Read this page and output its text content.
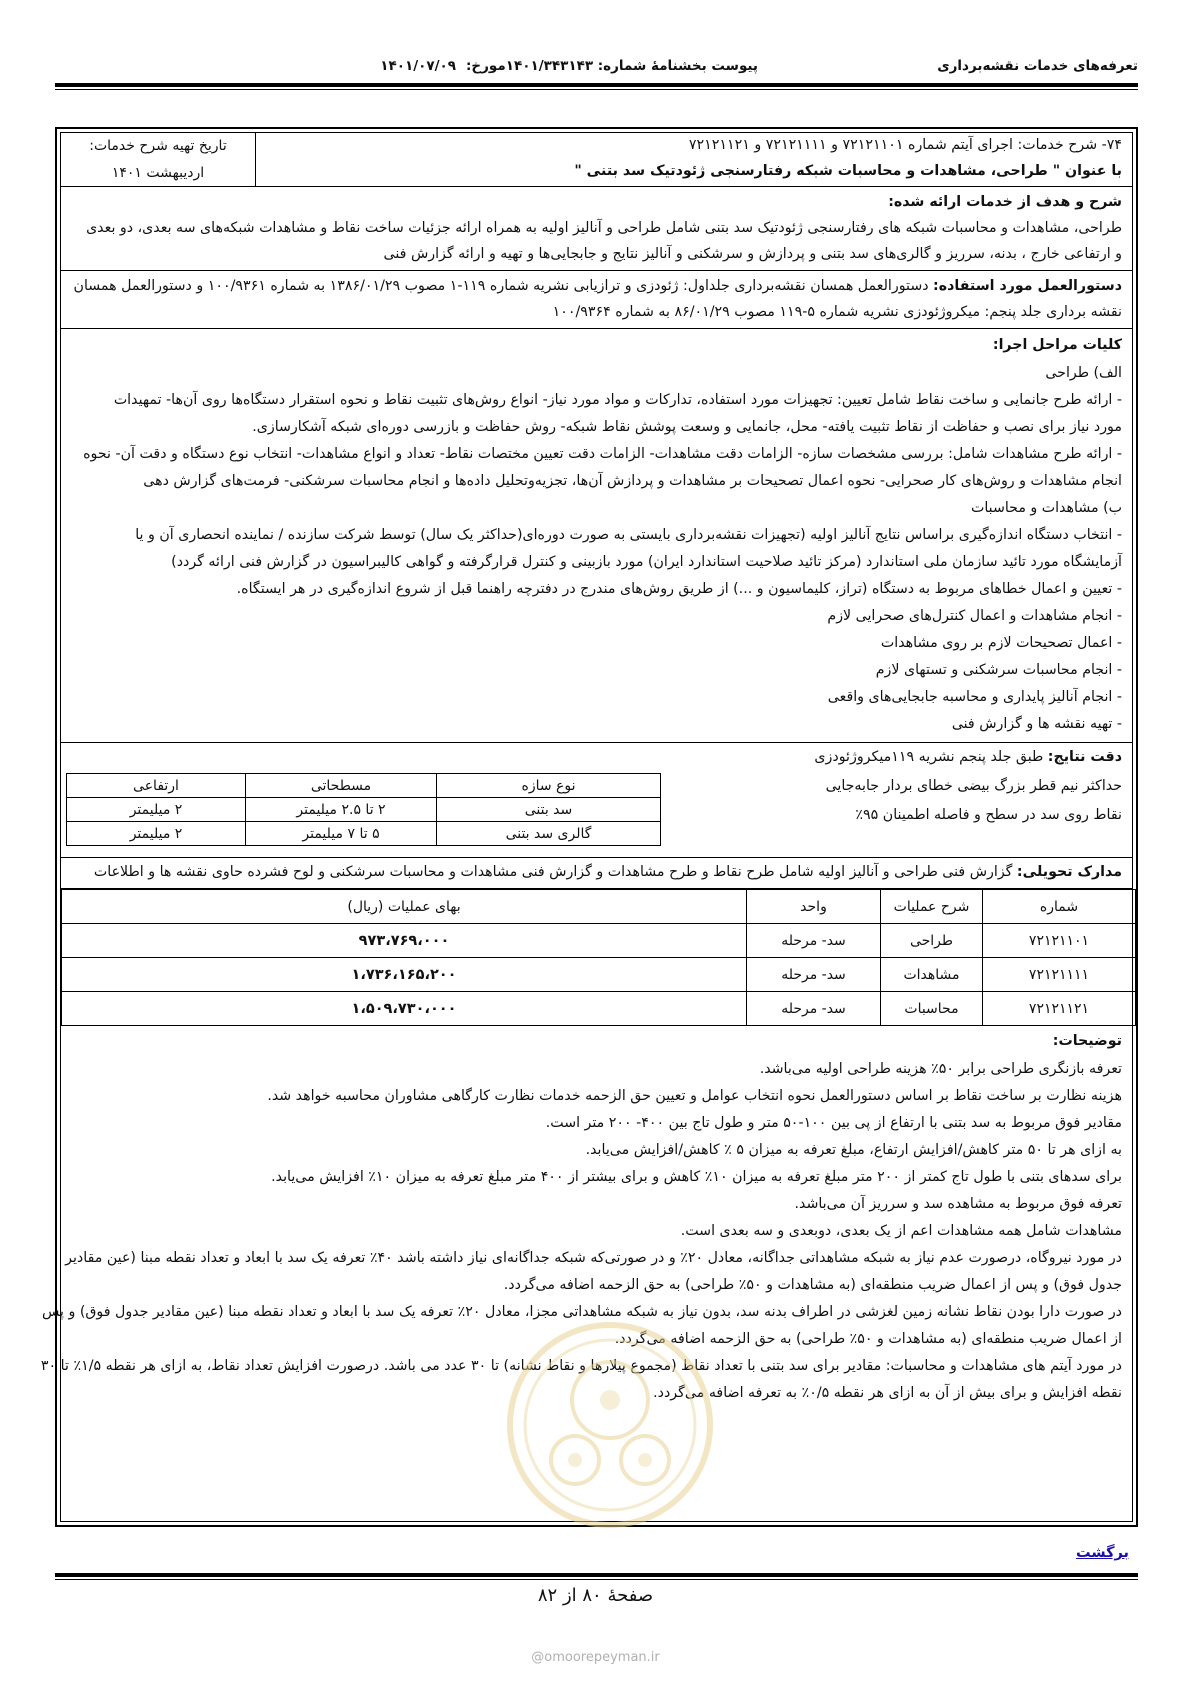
تعرفه‌های خدمات نقشه‌برداری
پیوست بخشنامهٔ شماره: ۱۴۰۱/۳۴۳۱۴۳مورخ:۱۴۰۱/۰۷/۰۹
۷۴- شرح خدمات: اجرای آیتم شماره ۷۲۱۲۱۱۰۱ و ۷۲۱۲۱۱۱۱ و ۷۲۱۲۱۱۲۱
با عنوان " طراحی، مشاهدات و محاسبات شبکه رفتارسنجی ژئودتیک سد بتنی "
تاریخ تهیه شرح خدمات:
اردیبهشت ۱۴۰۱
شرح و هدف از خدمات ارائه شده:
طراحی، مشاهدات و محاسبات شبکه های رفتارسنجی ژئودتیک سد بتنی شامل طراحی و آنالیز اولیه به همراه ارائه جزئیات ساخت نقاط و مشاهدات شبکه‌های سه بعدی، دو بعدی
و ارتفاعی خارج ، بدنه، سرریز و گالری‌های سد بتنی و پردازش و سرشکنی و آنالیز نتایج و جابجایی‌ها و تهیه و ارائه گزارش فنی
دستورالعمل مورد استفاده: دستورالعمل همسان نقشه‌برداری جلداول: ژئودزی و ترازیابی نشریه شماره ۱۱۹-۱ مصوب ۱۳۸۶/۰۱/۲۹ به شماره ۱۰۰/۹۳۶۱ و دستورالعمل همسان
نقشه برداری جلد پنجم: میکروژئودزی نشریه شماره ۵-۱۱۹ مصوب ۸۶/۰۱/۲۹ به شماره ۱۰۰/۹۳۶۴
کلیات مراحل اجرا:
الف) طراحی
- ارائه طرح جانمایی و ساخت نقاط شامل تعیین: تجهیزات مورد استفاده، تدارکات و مواد مورد نیاز- انواع روش‌های تثبیت نقاط و نحوه استقرار دستگاه‌ها روی آن‌ها- تمهیدات
مورد نیاز برای نصب و حفاظت از نقاط تثبیت یافته- محل، جانمایی و وسعت پوشش نقاط شبکه- روش حفاظت و بازرسی دوره‌ای شبکه آشکارسازی.
- ارائه طرح مشاهدات شامل: بررسی مشخصات سازه- الزامات دقت مشاهدات- الزامات دقت تعیین مختصات نقاط- تعداد و انواع مشاهدات- انتخاب نوع دستگاه و دقت آن- نحوه
انجام مشاهدات و روش‌های کار صحرایی- نحوه اعمال تصحیحات بر مشاهدات و پردازش آن‌ها، تجزیه‌وتحلیل داده‌ها و انجام محاسبات سرشکنی- فرمت‌های گزارش دهی
ب) مشاهدات و محاسبات
- انتخاب دستگاه اندازه‌گیری براساس نتایج آنالیز اولیه (تجهیزات نقشه‌برداری بایستی به صورت دوره‌ای(حداکثر یک سال) توسط شرکت سازنده / نماینده انحصاری آن و یا
آزمایشگاه مورد تائید سازمان ملی استاندارد (مرکز تائید صلاحیت استاندارد ایران) مورد بازبینی و کنترل قرارگرفته و گواهی کالیبراسیون در گزارش فنی ارائه گردد)
- تعیین و اعمال خطاهای مربوط به دستگاه (تراز، کلیماسیون و ...) از طریق روش‌های مندرج در دفترچه راهنما قبل از شروع اندازه‌گیری در هر ایستگاه.
- انجام مشاهدات و اعمال کنترل‌های صحرایی لازم
- اعمال تصحیحات لازم بر روی مشاهدات
- انجام محاسبات سرشکنی و تستهای لازم
- انجام آنالیز پایداری و محاسبه جابجایی‌های واقعی
- تهیه نقشه ها و گزارش فنی
دقت نتایج: طبق جلد پنجم نشریه ۱۱۹میکروژئودزی
حداکثر نیم قطر بزرگ بیضی خطای بردار جابه‌جایی
نقاط روی سد در سطح و فاصله اطمینان ۹۵٪
نوع سازه	مسطحاتی	ارتفاعی
سد بتنی	۲ تا ۲.۵ میلیمتر	۲ میلیمتر
گالری سد بتنی	۵ تا ۷ میلیمتر	۲ میلیمتر
مدارک تحویلی: گزارش فنی طراحی و آنالیز اولیه شامل طرح نقاط و طرح مشاهدات و گزارش فنی مشاهدات و محاسبات سرشکنی و لوح فشرده حاوی نقشه ها و اطلاعات
شماره	شرح عملیات	واحد	بهای عملیات (ریال)
۷۲۱۲۱۱۰۱	طراحی	سد- مرحله	۹۷۳،۷۶۹،۰۰۰
۷۲۱۲۱۱۱۱	مشاهدات	سد- مرحله	۱،۷۳۶،۱۶۵،۲۰۰
۷۲۱۲۱۱۲۱	محاسبات	سد- مرحله	۱،۵۰۹،۷۳۰،۰۰۰
توضیحات:
تعرفه بازنگری طراحی برابر ۵۰٪ هزینه طراحی اولیه می‌باشد.
هزینه نظارت بر ساخت نقاط بر اساس دستورالعمل نحوه انتخاب عوامل و تعیین حق الزحمه خدمات نظارت کارگاهی مشاوران محاسبه خواهد شد.
مقادیر فوق مربوط به سد بتنی با ارتفاع از پی بین ۱۰۰-۵۰ متر و طول تاج بین ۴۰۰- ۲۰۰ متر است.
به ازای هر تا ۵۰ متر کاهش/افزایش ارتفاع، مبلغ تعرفه به میزان ۵ ٪ کاهش/افزایش می‌یابد.
برای سدهای بتنی با طول تاج کمتر از ۲۰۰ متر مبلغ تعرفه به میزان ۱۰٪ کاهش و برای بیشتر از ۴۰۰ متر مبلغ تعرفه به میزان ۱۰٪ افزایش می‌یابد.
تعرفه فوق مربوط به مشاهده سد و سرریز آن می‌باشد.
مشاهدات شامل همه مشاهدات اعم از یک بعدی، دوبعدی و سه بعدی است.
در مورد نیروگاه، درصورت عدم نیاز به شبکه مشاهداتی جداگانه، معادل ۲۰٪ و در صورتی‌که شبکه جداگانه‌ای نیاز داشته باشد ۴۰٪ تعرفه یک سد با ابعاد و تعداد نقطه مبنا (عین مقادیر
جدول فوق) و پس از اعمال ضریب منطقه‌ای (به مشاهدات و ۵۰٪ طراحی) به حق الزحمه اضافه می‌گردد.
در صورت دارا بودن نقاط نشانه زمین لغزشی در اطراف بدنه سد، بدون نیاز به شبکه مشاهداتی مجزا، معادل ۲۰٪ تعرفه یک سد با ابعاد و تعداد نقطه مبنا (عین مقادیر جدول فوق) و پس
از اعمال ضریب منطقه‌ای (به مشاهدات و ۵۰٪ طراحی) به حق الزحمه اضافه می‌گردد.
در مورد آیتم های مشاهدات و محاسبات: مقادیر برای سد بتنی با تعداد نقاط (مجموع پیلارها و نقاط نشانه) تا ۳۰ عدد می باشد. درصورت افزایش تعداد نقاط، به ازای هر نقطه ۱/۵٪ تا ۳۰
نقطه افزایش و برای بیش از آن به ازای هر نقطه ۰/۵٪ به تعرفه اضافه می‌گردد.
برگشت
صفحهٔ ۸۰ از ۸۲
@omoorepeyman.ir
